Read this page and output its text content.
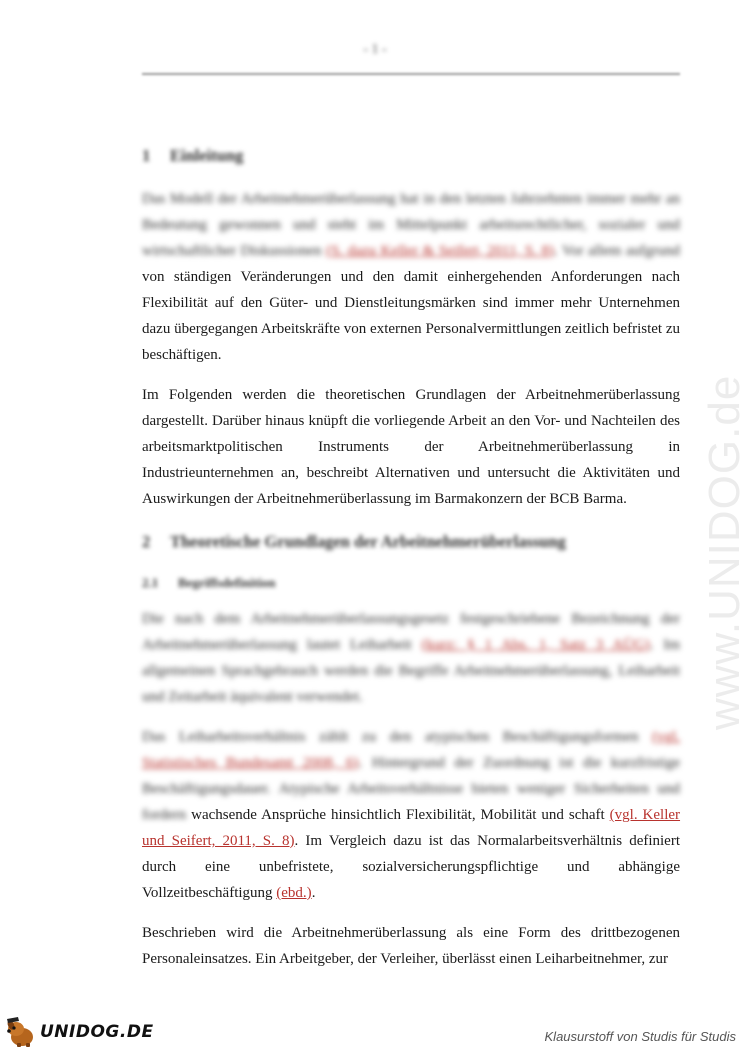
- 1 -
www.UNIDOG.de
1 Einleitung

Das Modell der Arbeitnehmerüberlassung hat in den letzten Jahrzehnten immer mehr an Bedeutung gewonnen und steht im Mittelpunkt arbeitsrechtlicher, sozialer und wirtschaftlicher Diskussionen (S. dazu Keller & Seifert, 2011, S. 8). Vor allem aufgrund von ständigen Veränderungen und den damit einhergehenden Anforderungen nach Flexibilität auf den Güter- und Dienstleitungsmärken sind immer mehr Unternehmen dazu übergegangen Arbeitskräfte von externen Personalvermittlungen zeitlich befristet zu beschäftigen.

Im Folgenden werden die theoretischen Grundlagen der Arbeitnehmerüberlassung dargestellt. Darüber hinaus knüpft die vorliegende Arbeit an den Vor- und Nachteilen des arbeitsmarktpolitischen Instruments der Arbeitnehmerüberlassung in Industrieunternehmen an, beschreibt Alternativen und untersucht die Aktivitäten und Auswirkungen der Arbeitnehmerüberlassung im Barmakonzern der BCB Barma.

2 Theoretische Grundlagen der Arbeitnehmerüberlassung
2.1 Begriffsdefinition

Die nach dem Arbeitnehmerüberlassungsgesetz festgeschriebene Bezeichnung der Arbeitnehmerüberlassung lautet Leiharbeit (kurz: § 1 Abs. 1, Satz 3 AÜG). Im allgemeinen Sprachgebrauch werden die Begriffe Arbeitnehmerüberlassung, Leiharbeit und Zeitarbeit äquivalent verwendet.

Das Leiharbeitsverhältnis zählt zu den atypischen Beschäftigungsformen (vgl. Statistisches Bundesamt 2008, 6). Hintergrund der Zuordnung ist die kurzfristige Beschäftigungsdauer. Atypische Arbeitsverhältnisse bieten weniger Sicherheiten und fordern wachsende Ansprüche hinsichtlich Flexibilität, Mobilität und schaft (vgl. Keller und Seifert, 2011, S. 8). Im Vergleich dazu ist das Normalarbeitsverhältnis definiert durch eine unbefristete, sozialversicherungspflichtige und abhängige Vollzeitbeschäftigung (ebd.).

Beschrieben wird die Arbeitnehmerüberlassung als eine Form des drittbezogenen Personaleinsatzes. Ein Arbeitgeber, der Verleiher, überlässt einen Leiharbeitnehmer, zur

UNIDOG.DE	Klausurstoff von Studis für Studis
